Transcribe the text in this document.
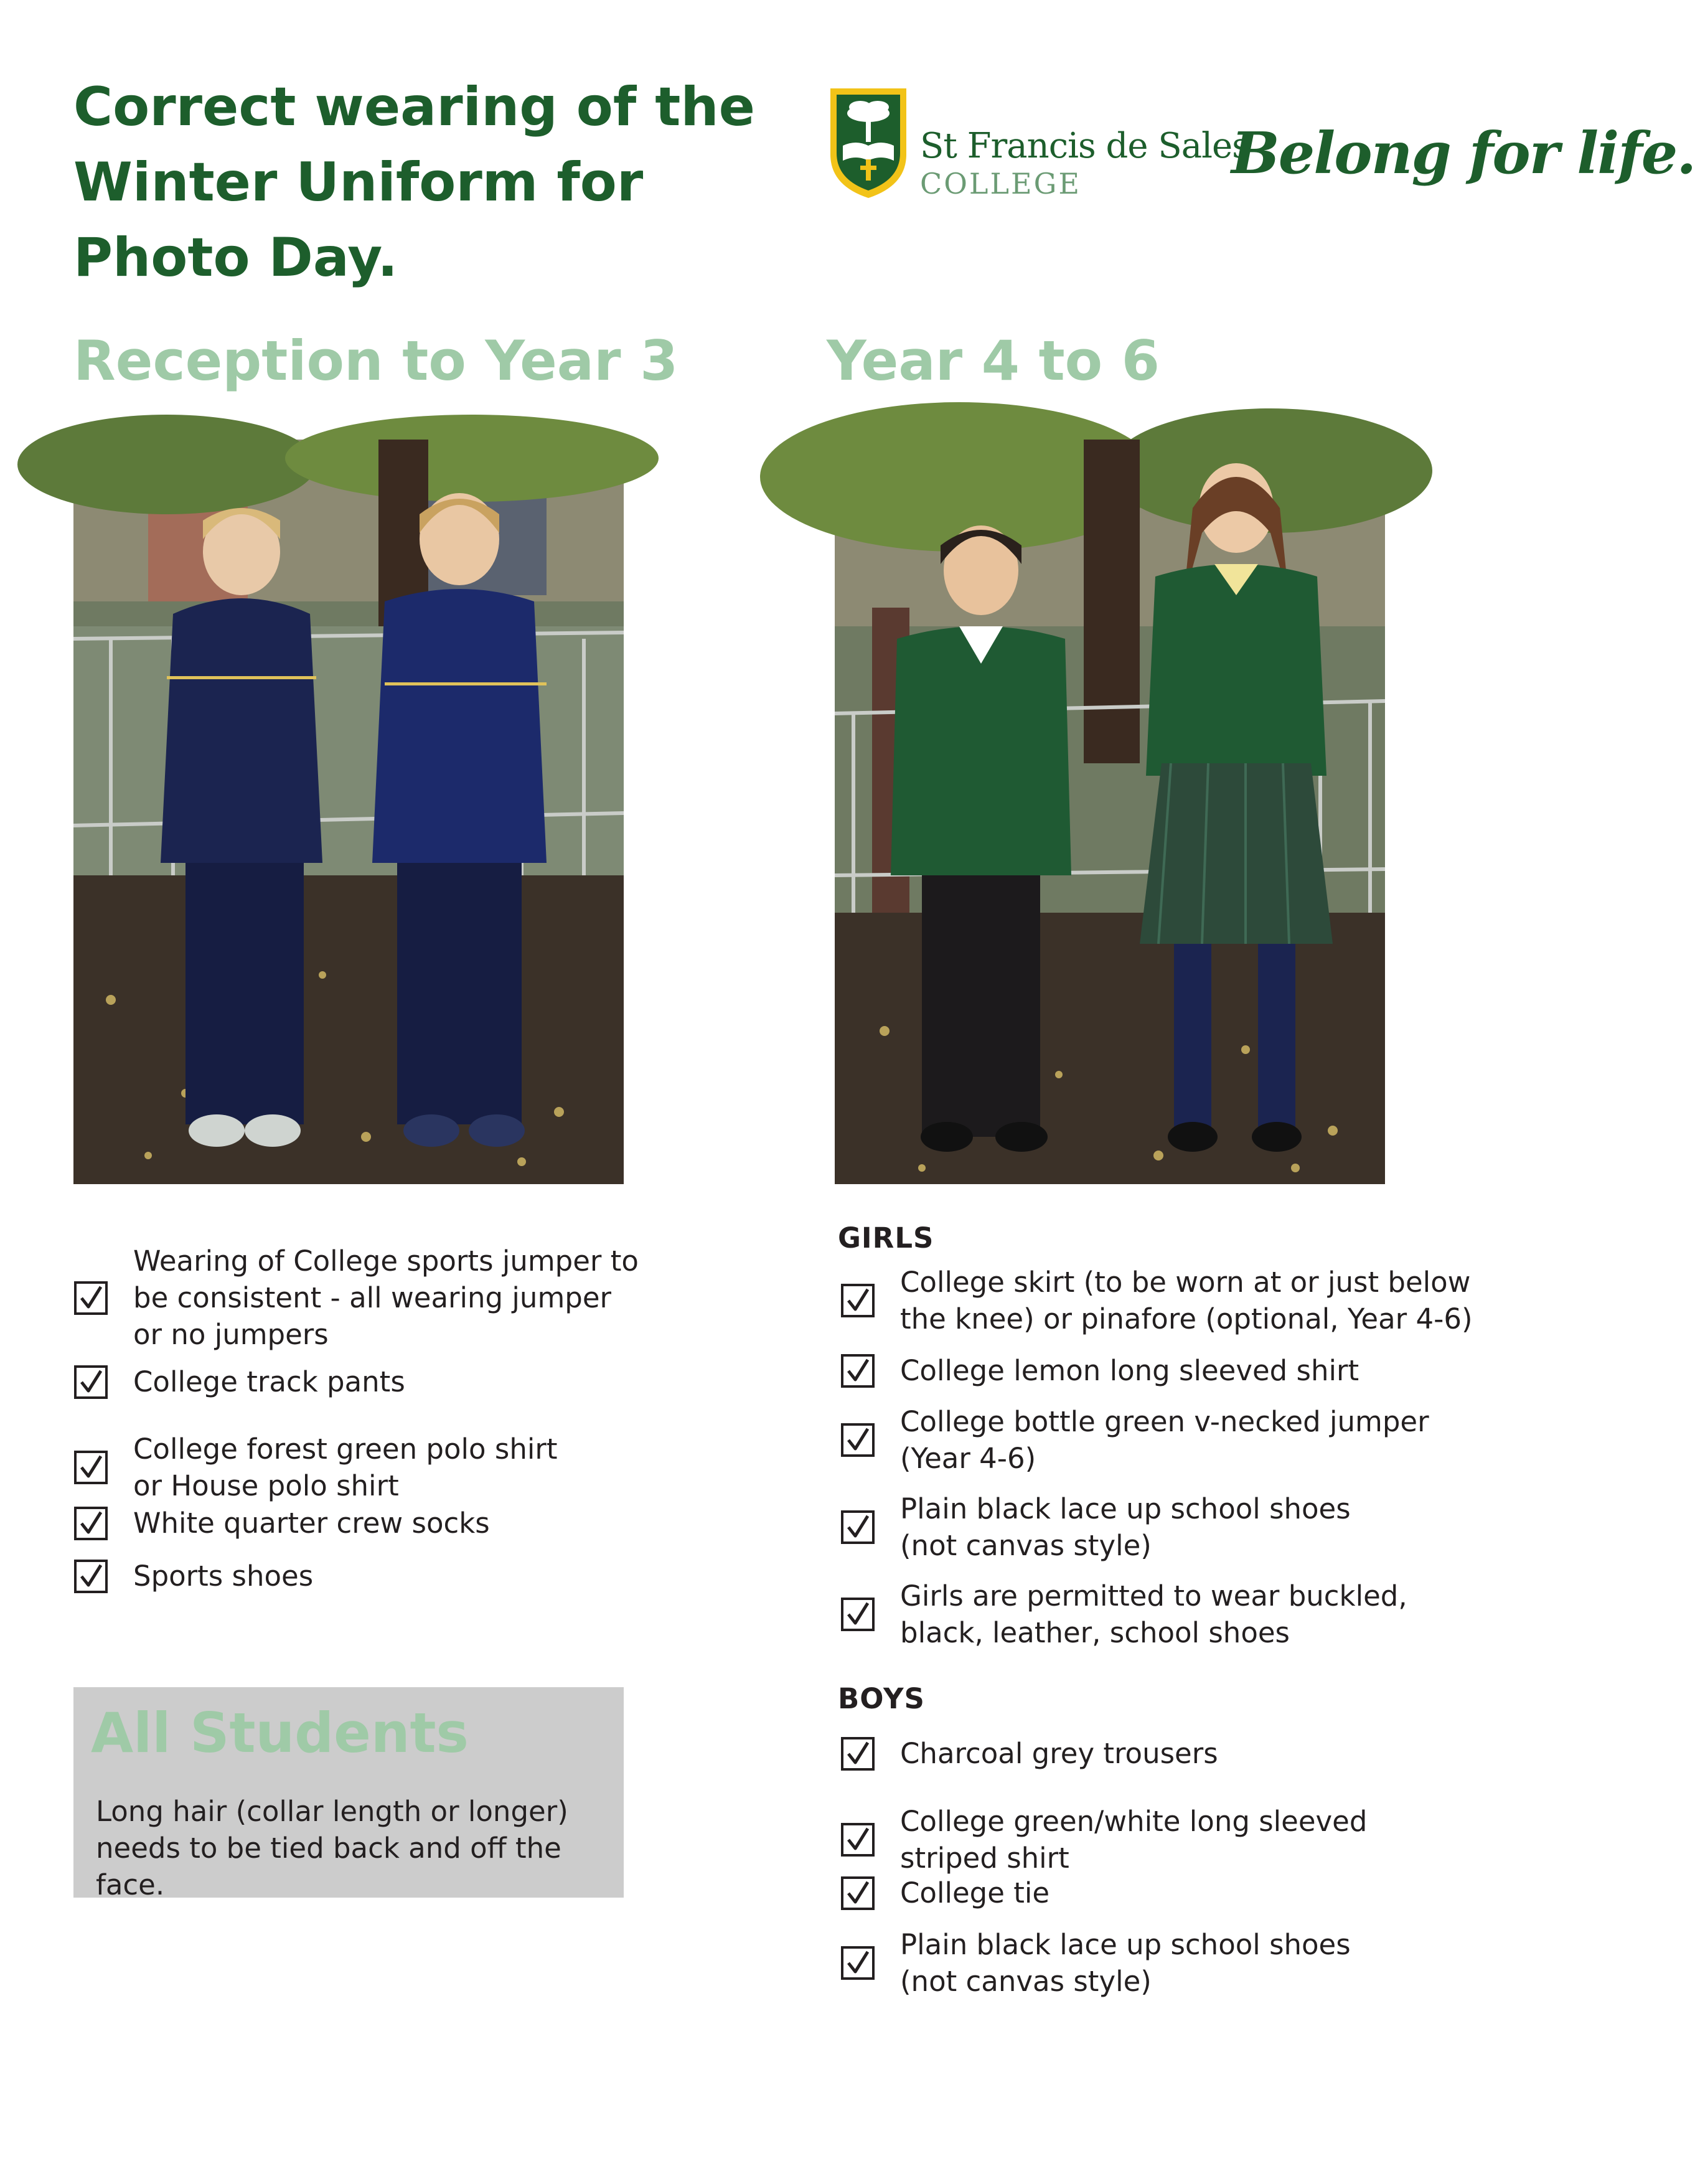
Correct wearing of the
Winter Uniform for
Photo Day.
St Francis de Sales
COLLEGE	Belong for life.
Reception to Year 3	Year 4 to 6
Wearing of College sports jumper to be consistent - all wearing jumper or no jumpers
College track pants
College forest green polo shirt or House polo shirt
White quarter crew socks
Sports shoes
All Students
Long hair (collar length or longer) needs to be tied back and off the face.
GIRLS
College skirt (to be worn at or just below the knee) or pinafore (optional, Year 4-6)
College lemon long sleeved shirt
College bottle green v-necked jumper (Year 4-6)
Plain black lace up school shoes (not canvas style)
Girls are permitted to wear buckled, black, leather, school shoes
BOYS
Charcoal grey trousers
College green/white long sleeved striped shirt
College tie
Plain black lace up school shoes (not canvas style)
